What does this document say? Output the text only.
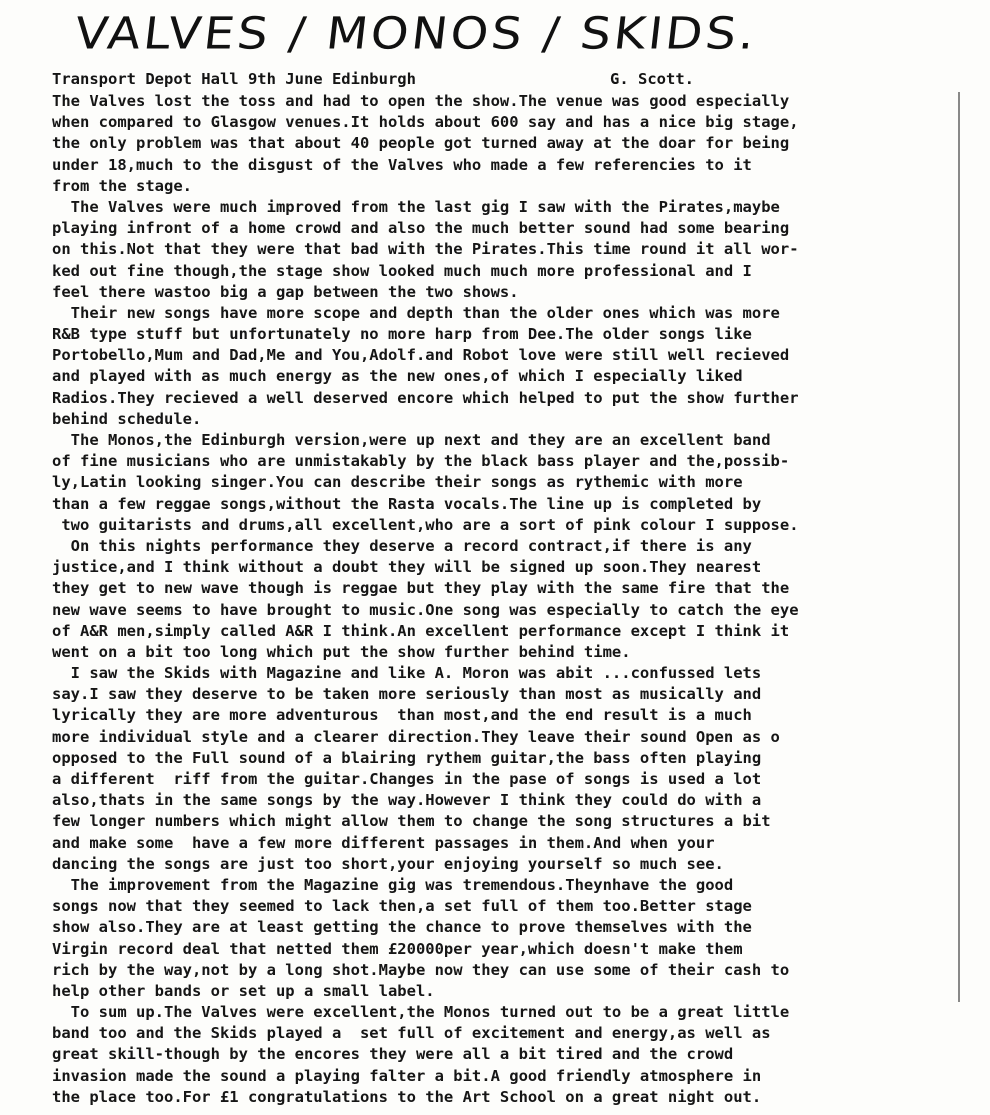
VALVES / MONOS / SKIDS.
Transport Depot Hall 9th June Edinburgh	G. Scott.
The Valves lost the toss and had to open the show.The venue was good especially
when compared to Glasgow venues.It holds about 600 say and has a nice big stage,
the only problem was that about 40 people got turned away at the doar for being
under 18,much to the disgust of the Valves who made a few referencies to it
from the stage.
The Valves were much improved from the last gig I saw with the Pirates,maybe
playing infront of a home crowd and also the much better sound had some bearing
on this.Not that they were that bad with the Pirates.This time round it all wor-
ked out fine though,the stage show looked much much more professional and I
feel there wastoo big a gap between the two shows.
Their new songs have more scope and depth than the older ones which was more
R&B type stuff but unfortunately no more harp from Dee.The older songs like
Portobello,Mum and Dad,Me and You,Adolf.and Robot love were still well recieved
and played with as much energy as the new ones,of which I especially liked
Radios.They recieved a well deserved encore which helped to put the show further
behind schedule.
The Monos,the Edinburgh version,were up next and they are an excellent band
of fine musicians who are unmistakably by the black bass player and the,possib-
ly,Latin looking singer.You can describe their songs as rythemic with more
than a few reggae songs,without the Rasta vocals.The line up is completed by
two guitarists and drums,all excellent,who are a sort of pink colour I suppose.
On this nights performance they deserve a record contract,if there is any
justice,and I think without a doubt they will be signed up soon.They nearest
they get to new wave though is reggae but they play with the same fire that the
new wave seems to have brought to music.One song was especially to catch the eye
of A&R men,simply called A&R I think.An excellent performance except I think it
went on a bit too long which put the show further behind time.
I saw the Skids with Magazine and like A. Moron was abit ...confussed lets
say.I saw they deserve to be taken more seriously than most as musically and
lyrically they are more adventurous  than most,and the end result is a much
more individual style and a clearer direction.They leave their sound Open as o
opposed to the Full sound of a blairing rythem guitar,the bass often playing
a different  riff from the guitar.Changes in the pase of songs is used a lot
also,thats in the same songs by the way.However I think they could do with a
few longer numbers which might allow them to change the song structures a bit
and make some  have a few more different passages in them.And when your
dancing the songs are just too short,your enjoying yourself so much see.
The improvement from the Magazine gig was tremendous.Theynhave the good
songs now that they seemed to lack then,a set full of them too.Better stage
show also.They are at least getting the chance to prove themselves with the
Virgin record deal that netted them £20000per year,which doesn't make them
rich by the way,not by a long shot.Maybe now they can use some of their cash to
help other bands or set up a small label.
To sum up.The Valves were excellent,the Monos turned out to be a great little
band too and the Skids played a  set full of excitement and energy,as well as
great skill-though by the encores they were all a bit tired and the crowd
invasion made the sound a playing falter a bit.A good friendly atmosphere in
the place too.For £1 congratulations to the Art School on a great night out.
